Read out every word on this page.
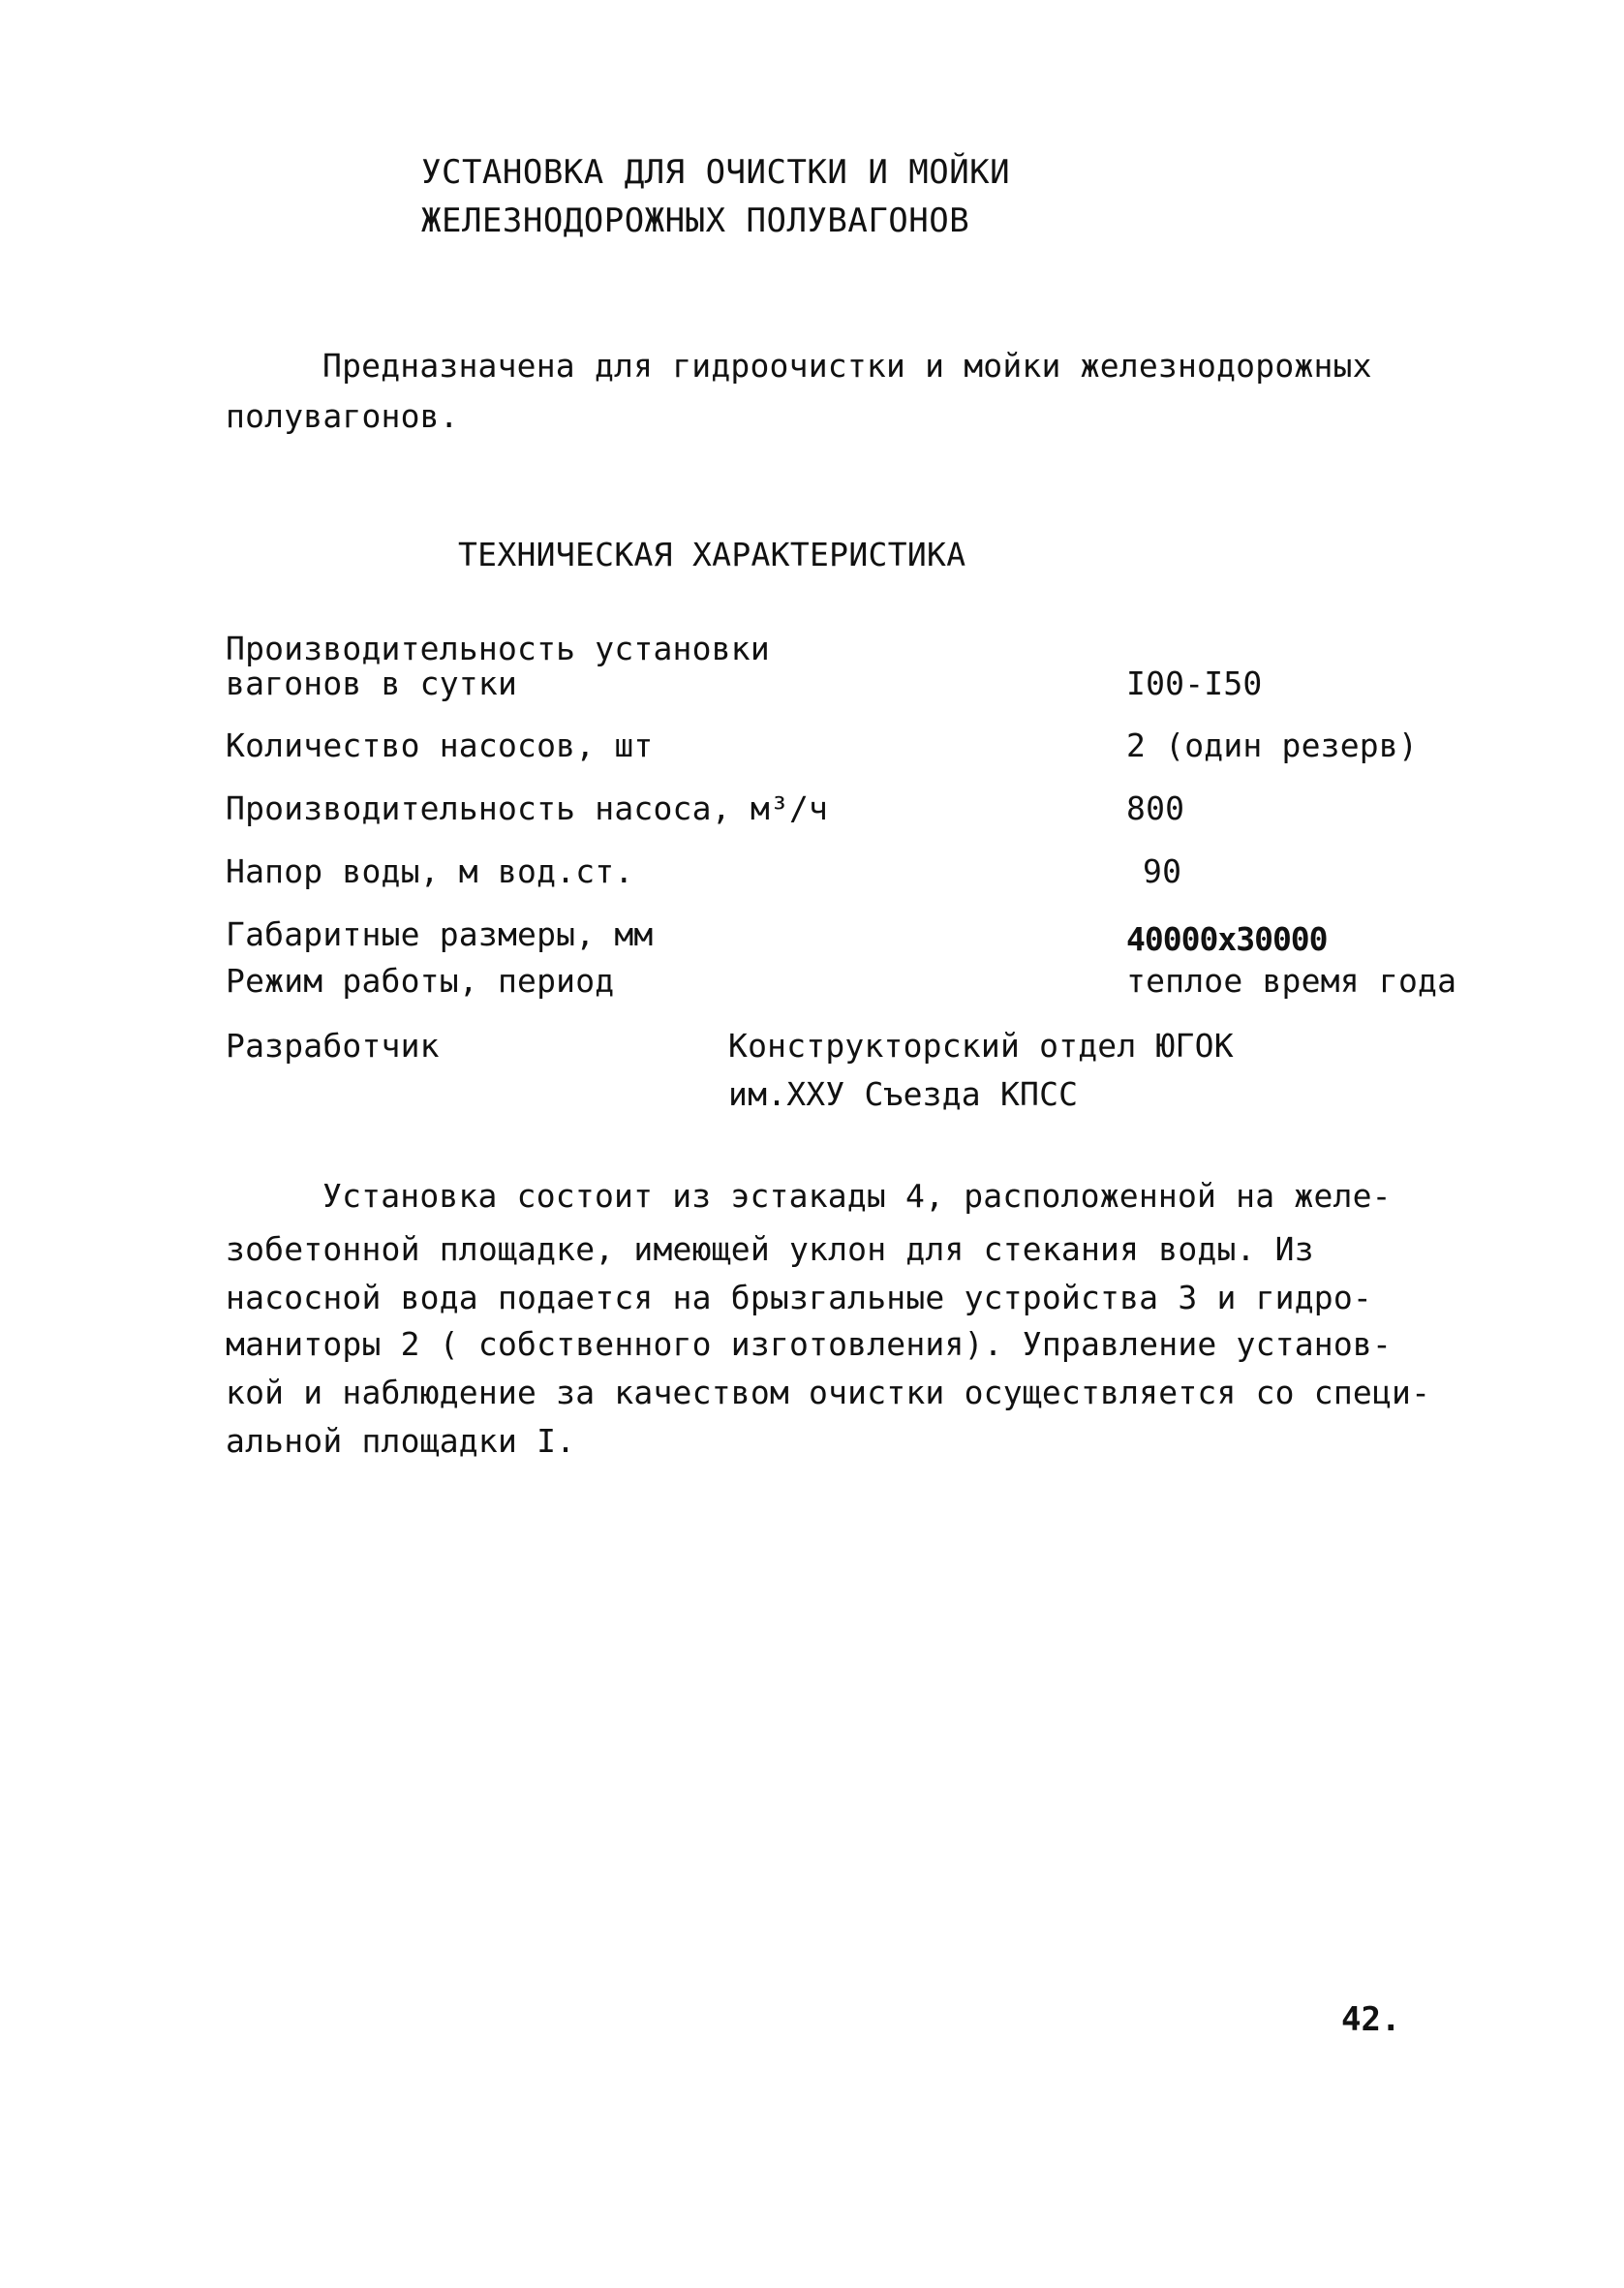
УСТАНОВКА ДЛЯ ОЧИСТКИ И МОЙКИ
ЖЕЛЕЗНОДОРОЖНЫХ ПОЛУВАГОНОВ
Предназначена для гидроочистки и мойки железнодорожных
полувагонов.
ТЕХНИЧЕСКАЯ ХАРАКТЕРИСТИКА
Производительность установки
вагонов в сутки	I00-I50
Количество насосов, шт	2 (один резерв)
Производительность насоса, м³/ч	800
Напор воды, м вод.ст.	90
Габаритные размеры, мм	40000x30000
Режим работы, период	теплое время года
Разработчик	Конструкторский отдел ЮГОК
им.XXУ Съезда КПСС
Установка состоит из эстакады 4, расположенной на желе-
зобетонной площадке, имеющей уклон для стекания воды. Из
насосной вода подается на брызгальные устройства 3 и гидро-
маниторы 2 ( собственного изготовления). Управление установ-
кой и наблюдение за качеством очистки осуществляется со специ-
альной площадки I.
42.
